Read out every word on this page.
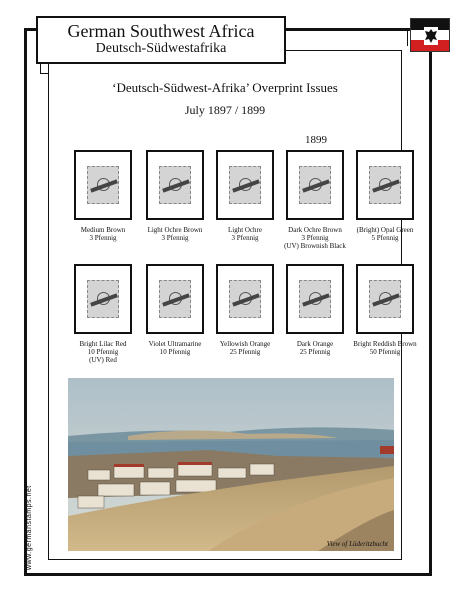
German Southwest Africa
Deutsch-Südwestafrika
‘Deutsch-Südwest-Afrika’ Overprint Issues
July 1897 / 1899
1899
Medium Brown
3 Pfennig
Light Ochre Brown
3 Pfennig
Light Ochre
3 Pfennig
Dark Ochre Brown
3 Pfennig
(UV) Brownish Black
(Bright) Opal Green
5 Pfennig
Bright Lilac Red
10 Pfennig
(UV) Red
Violet Ultramarine
10 Pfennig
Yellowish Orange
25 Pfennig
Dark Orange
25 Pfennig
Bright Reddish Brown
50 Pfennig
View of Lüderitzbucht
www.germanstamps.net
